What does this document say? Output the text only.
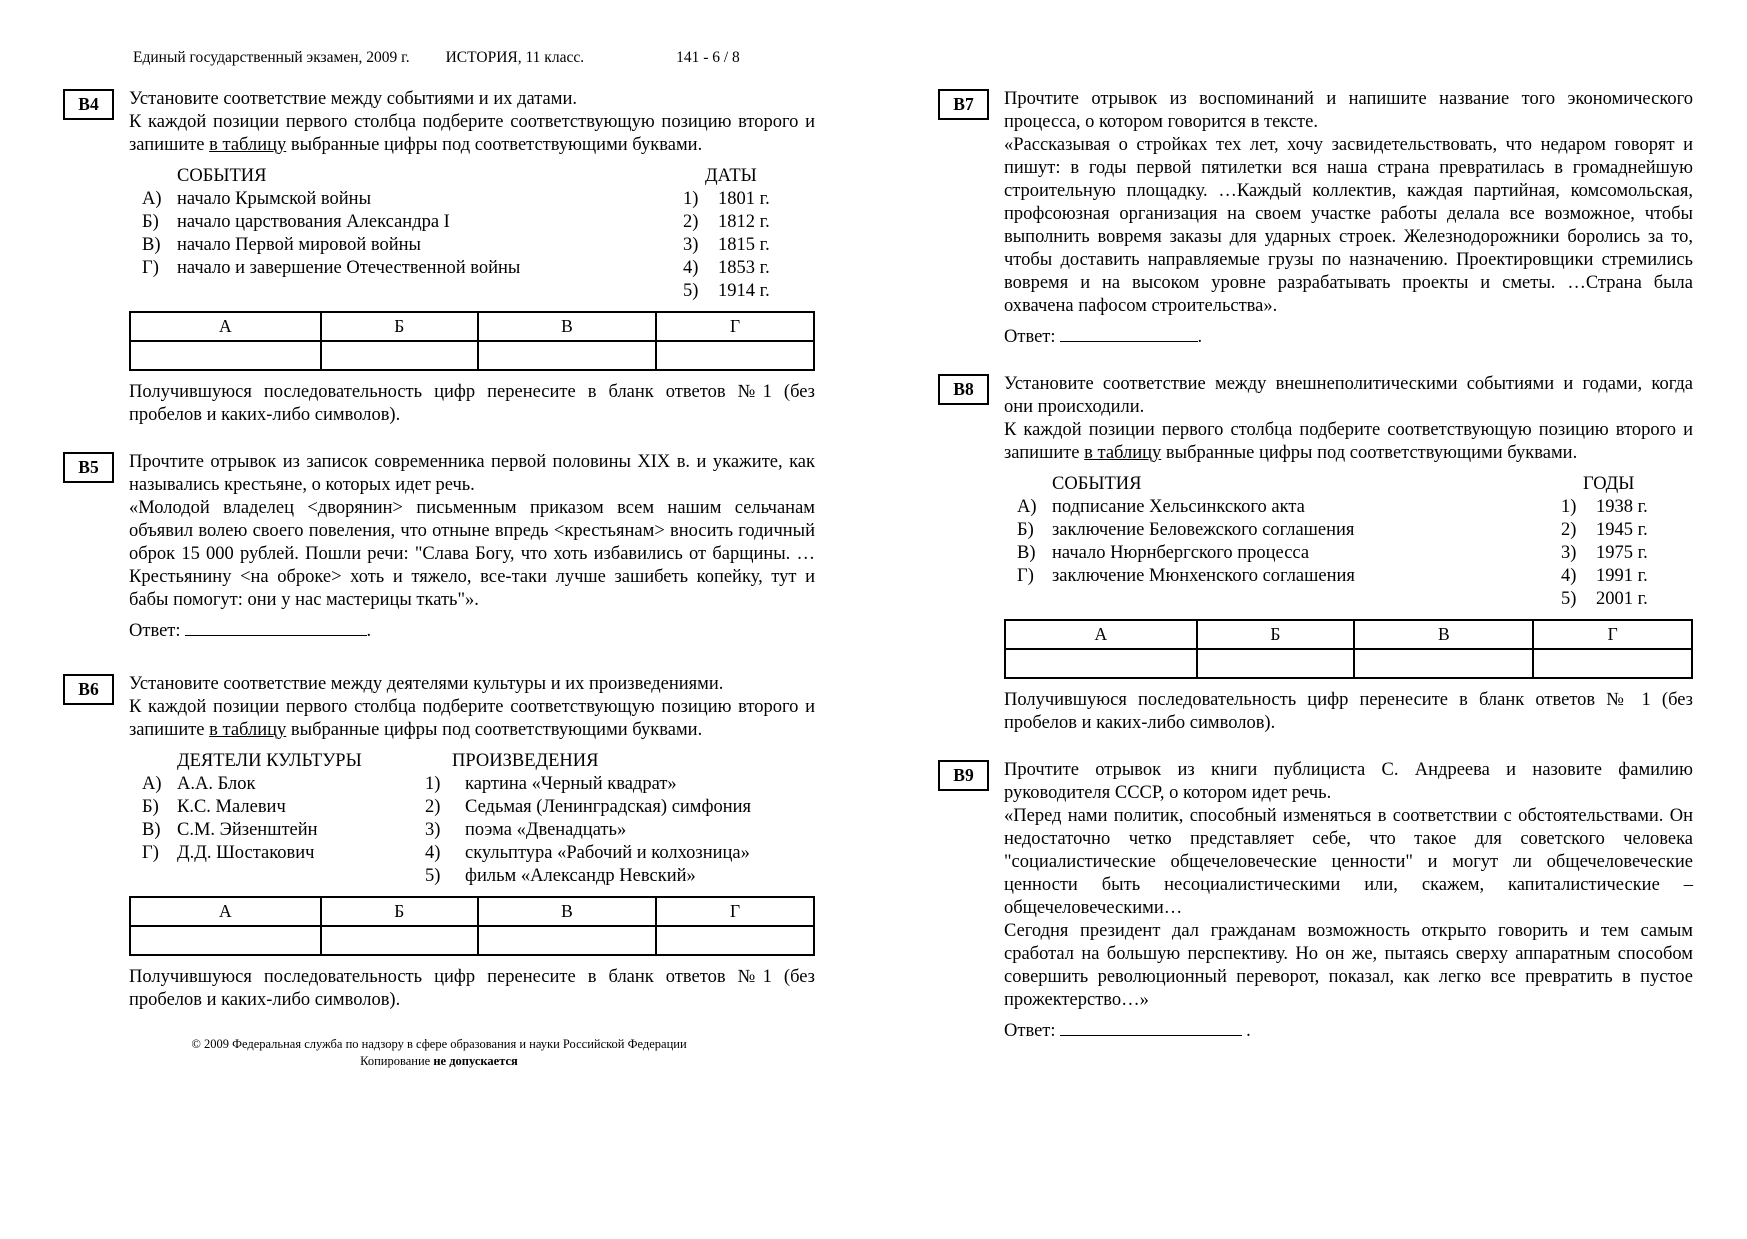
Единый государственный экзамен, 2009 г. ИСТОРИЯ, 11 класс.	141 - 6 / 8
В4	Установите соответствие между событиями и их датами.

К каждой позиции первого столбца подберите соответствующую позицию второго и запишите в таблицу выбранные цифры под соответствующими буквами.

СОБЫТИЯ
А) начало Крымской войны
Б) начало царствования Александра I
В) начало Первой мировой войны
Г) начало и завершение Отечественной войны
ДАТЫ
1)	1801 г.
2)	1812 г.
3)	1815 г.
4)	1853 г.
5)	1914 г.
А	Б	В	Г

Получившуюся последовательность цифр перенесите в бланк ответов №1 (без пробелов и каких-либо символов).

В5	Прочтите отрывок из записок современника первой половины XIX в. и укажите, как назывались крестьяне, о которых идет речь.

«Молодой владелец <дворянин> письменным приказом всем нашим сельчанам объявил волею своего повеления, что отныне впредь <крестьянам> вносить годичный оброк 15 000 рублей. Пошли речи: "Слава Богу, что хоть избавились от барщины. …Крестьянину <на оброке> хоть и тяжело, все-таки лучше зашибеть копейку, тут и бабы помогут: они у нас мастерицы ткать"».

Ответ:	.

В6	Установите соответствие между деятелями культуры и их произведениями.

К каждой позиции первого столбца подберите соответствующую позицию второго и запишите в таблицу выбранные цифры под соответствующими буквами.

ДЕЯТЕЛИ КУЛЬТУРЫ
А) А.А. Блок
Б) К.С. Малевич
В) С.М. Эйзенштейн
Г) Д.Д. Шостакович
ПРОИЗВЕДЕНИЯ
1)	картина «Черный квадрат»
2)	Седьмая (Ленинградская) симфония
3)	поэма «Двенадцать»
4)	скульптура «Рабочий и колхозница»
5)	фильм «Александр Невский»
А	Б	В	Г

Получившуюся последовательность цифр перенесите в бланк ответов №1 (без пробелов и каких-либо символов).

© 2009 Федеральная служба по надзору в сфере образования и науки Российской Федерации
Копирование не допускается
В7	Прочтите отрывок из воспоминаний и напишите название того экономического процесса, о котором говорится в тексте.

«Рассказывая о стройках тех лет, хочу засвидетельствовать, что недаром говорят и пишут: в годы первой пятилетки вся наша страна превратилась в громаднейшую строительную площадку. …Каждый коллектив, каждая партийная, комсомольская, профсоюзная организация на своем участке работы делала все возможное, чтобы выполнить вовремя заказы для ударных строек. Железнодорожники боролись за то, чтобы доставить направляемые грузы по назначению. Проектировщики стремились вовремя и на высоком уровне разрабатывать проекты и сметы. …Страна была охвачена пафосом строительства».

Ответ:	.

В8	Установите соответствие между внешнеполитическими событиями и годами, когда они происходили.

К каждой позиции первого столбца подберите соответствующую позицию второго и запишите в таблицу выбранные цифры под соответствующими буквами.

СОБЫТИЯ
А) подписание Хельсинкского акта
Б) заключение Беловежского соглашения
В) начало Нюрнбергского процесса
Г) заключение Мюнхенского соглашения
ГОДЫ
1)	1938 г.
2)	1945 г.
3)	1975 г.
4)	1991 г.
5)	2001 г.
А	Б	В	Г

Получившуюся последовательность цифр перенесите в бланк ответов № 1 (без пробелов и каких-либо символов).

В9	Прочтите отрывок из книги публициста С. Андреева и назовите фамилию руководителя СССР, о котором идет речь.

«Перед нами политик, способный изменяться в соответствии с обстоятельствами. Он недостаточно четко представляет себе, что такое для советского человека "социалистические общечеловеческие ценности" и могут ли общечеловеческие ценности быть несоциалистическими или, скажем, капиталистические – общечеловеческими…

Сегодня президент дал гражданам возможность открыто говорить и тем самым сработал на большую перспективу. Но он же, пытаясь сверху аппаратным способом совершить революционный переворот, показал, как легко все превратить в пустое прожектерство…»

Ответ:	.
